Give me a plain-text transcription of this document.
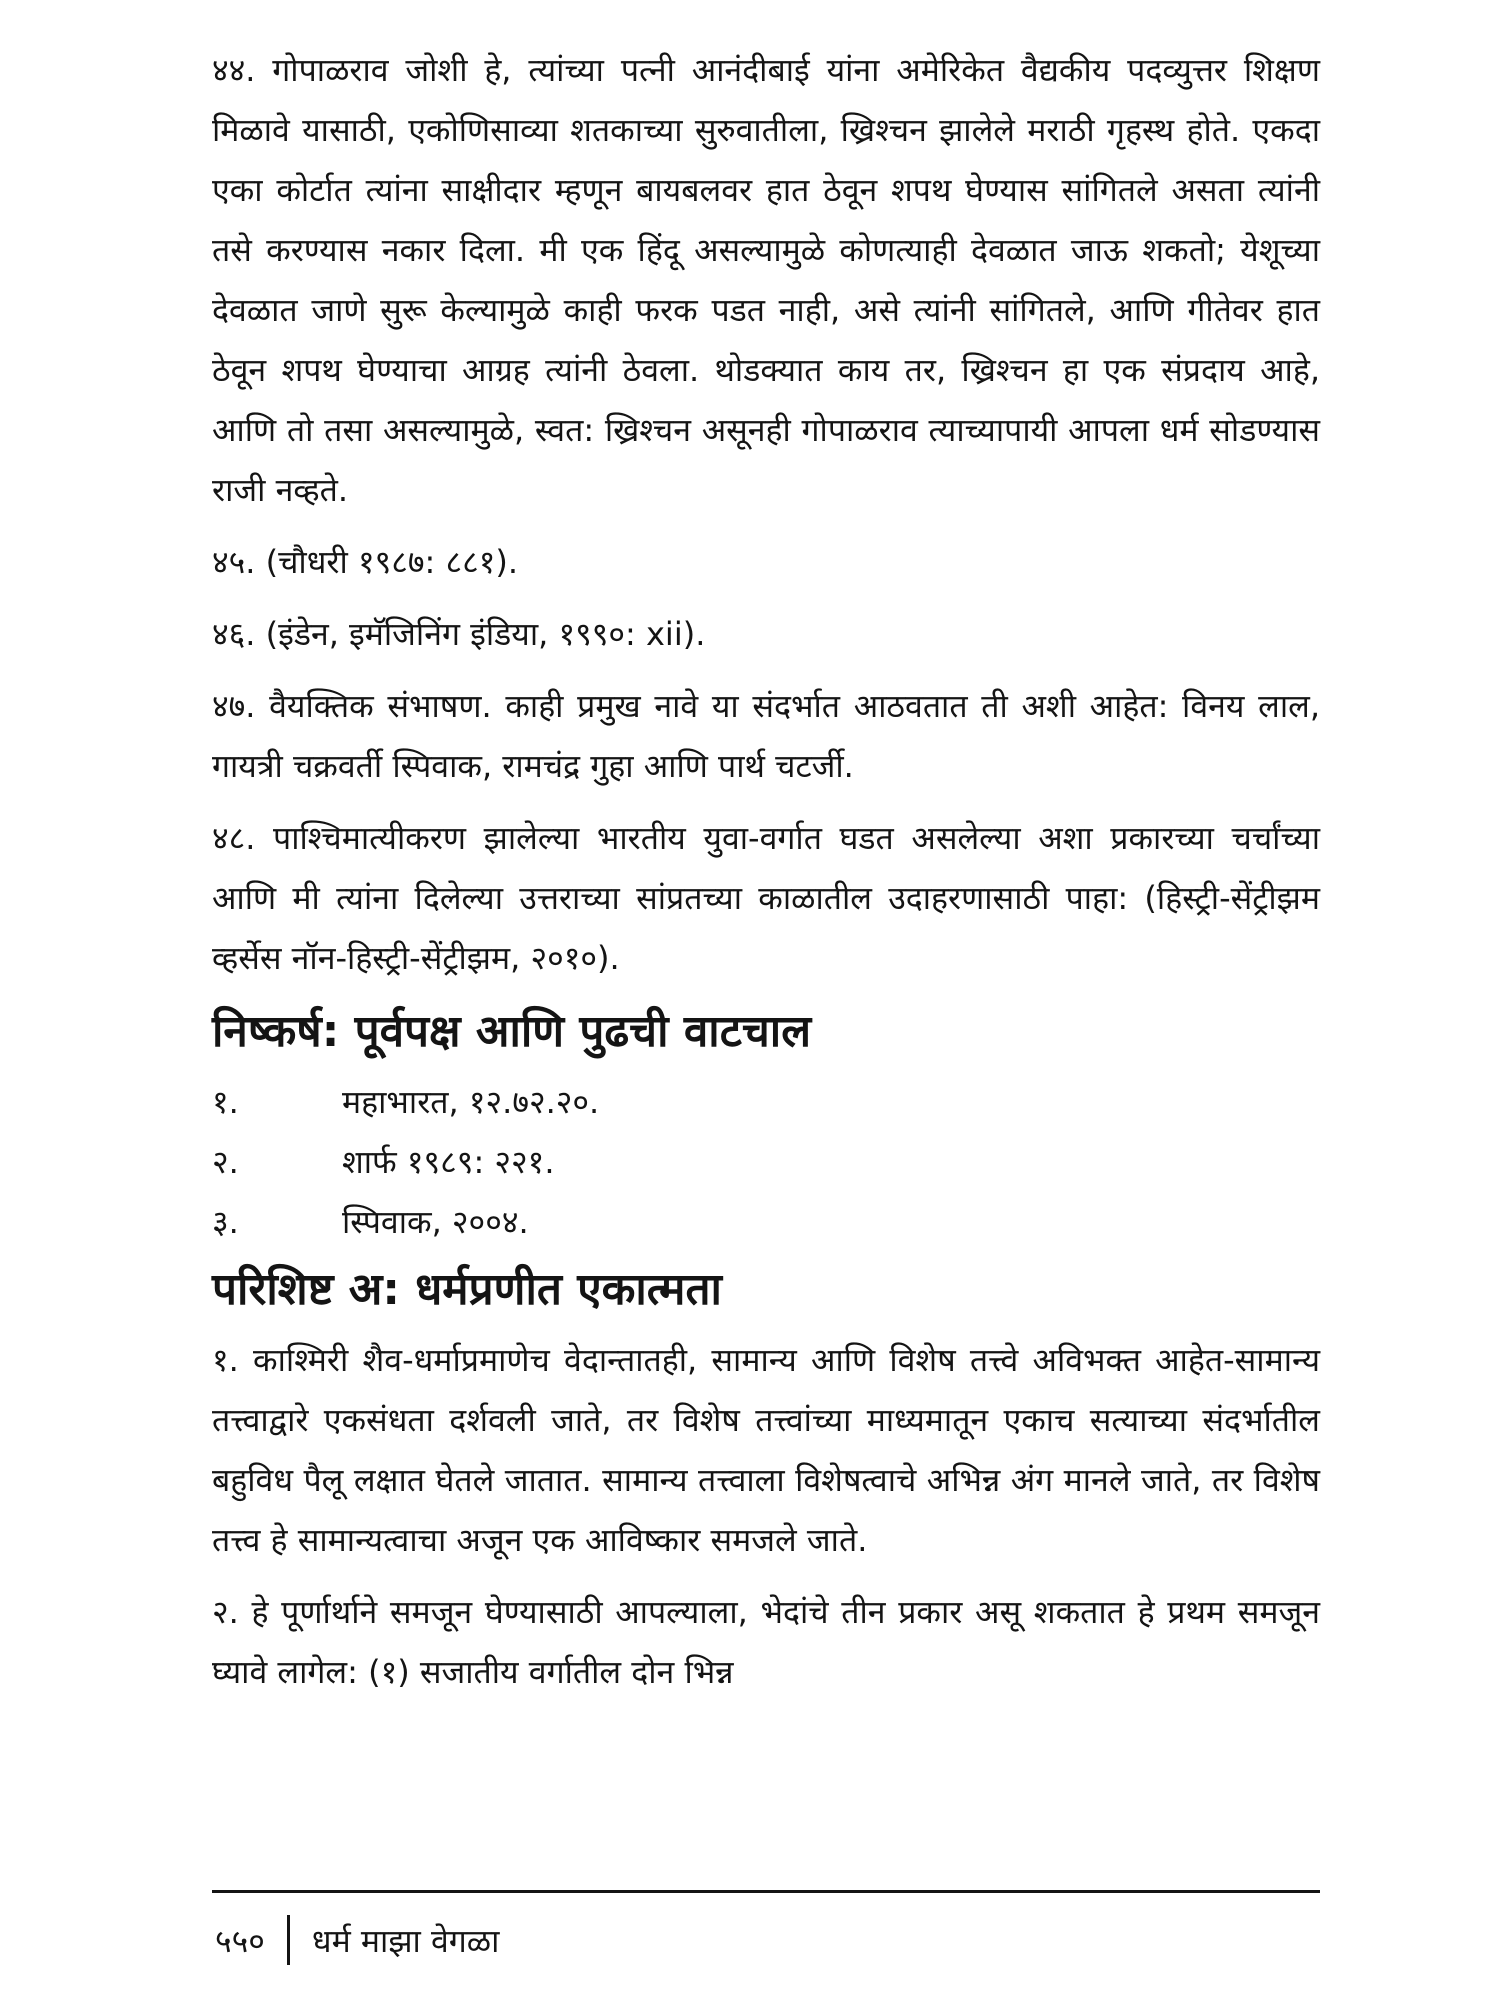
४४. गोपाळराव जोशी हे, त्यांच्या पत्नी आनंदीबाई यांना अमेरिकेत वैद्यकीय पदव्युत्तर शिक्षण मिळावे यासाठी, एकोणिसाव्या शतकाच्या सुरुवातीला, ख्रिश्चन झालेले मराठी गृहस्थ होते. एकदा एका कोर्टात त्यांना साक्षीदार म्हणून बायबलवर हात ठेवून शपथ घेण्यास सांगितले असता त्यांनी तसे करण्यास नकार दिला. मी एक हिंदू असल्यामुळे कोणत्याही देवळात जाऊ शकतो; येशूच्या देवळात जाणे सुरू केल्यामुळे काही फरक पडत नाही, असे त्यांनी सांगितले, आणि गीतेवर हात ठेवून शपथ घेण्याचा आग्रह त्यांनी ठेवला. थोडक्यात काय तर, ख्रिश्चन हा एक संप्रदाय आहे, आणि तो तसा असल्यामुळे, स्वत: ख्रिश्चन असूनही गोपाळराव त्याच्यापायी आपला धर्म सोडण्यास राजी नव्हते.

४५. (चौधरी १९८७: ८८१).

४६. (इंडेन, इमॅजिनिंग इंडिया, १९९०: xii).

४७. वैयक्तिक संभाषण. काही प्रमुख नावे या संदर्भात आठवतात ती अशी आहेत: विनय लाल, गायत्री चक्रवर्ती स्पिवाक, रामचंद्र गुहा आणि पार्थ चटर्जी.

४८. पाश्चिमात्यीकरण झालेल्या भारतीय युवा-वर्गात घडत असलेल्या अशा प्रकारच्या चर्चांच्या आणि मी त्यांना दिलेल्या उत्तराच्या सांप्रतच्या काळातील उदाहरणासाठी पाहा: (हिस्ट्री-सेंट्रीझम व्हर्सेस नॉन-हिस्ट्री-सेंट्रीझम, २०१०).

निष्कर्ष: पूर्वपक्ष आणि पुढची वाटचाल
१.	महाभारत, १२.७२.२०.
२.	शार्फ १९८९: २२१.
३.	स्पिवाक, २००४.
परिशिष्ट अ: धर्मप्रणीत एकात्मता

१. काश्मिरी शैव-धर्माप्रमाणेच वेदान्तातही, सामान्य आणि विशेष तत्त्वे अविभक्त आहेत-सामान्य तत्त्वाद्वारे एकसंधता दर्शवली जाते, तर विशेष तत्त्वांच्या माध्यमातून एकाच सत्याच्या संदर्भातील बहुविध पैलू लक्षात घेतले जातात. सामान्य तत्त्वाला विशेषत्वाचे अभिन्न अंग मानले जाते, तर विशेष तत्त्व हे सामान्यत्वाचा अजून एक आविष्कार समजले जाते.

२. हे पूर्णार्थाने समजून घेण्यासाठी आपल्याला, भेदांचे तीन प्रकार असू शकतात हे प्रथम समजून घ्यावे लागेल: (१) सजातीय वर्गातील दोन भिन्न

५५० धर्म माझा वेगळा
